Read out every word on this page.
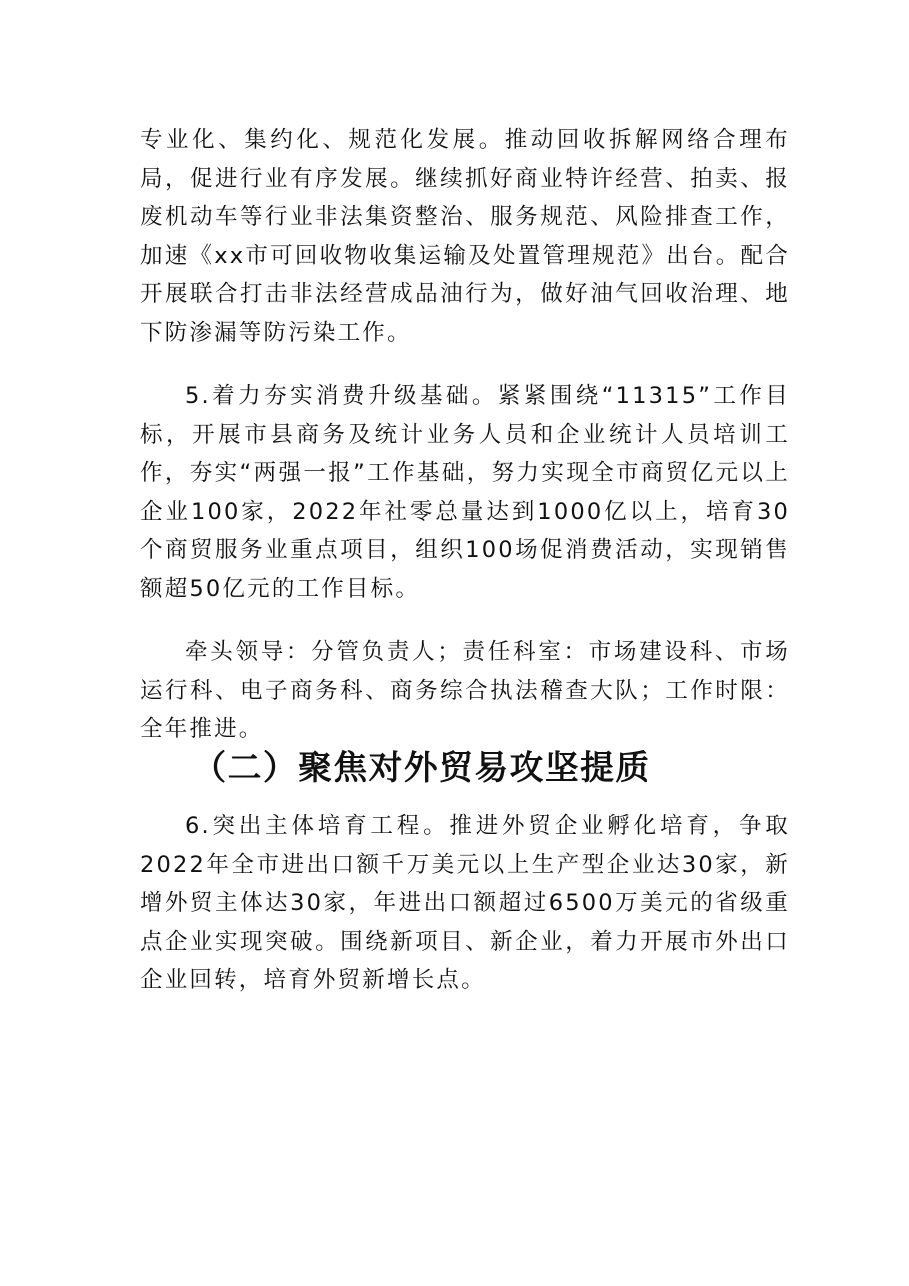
专业化、集约化、规范化发展。推动回收拆解网络合理布局，促进行业有序发展。继续抓好商业特许经营、拍卖、报废机动车等行业非法集资整治、服务规范、风险排查工作，加速《xx市可回收物收集运输及处置管理规范》出台。配合开展联合打击非法经营成品油行为，做好油气回收治理、地下防渗漏等防污染工作。

5.着力夯实消费升级基础。紧紧围绕“11315”工作目标，开展市县商务及统计业务人员和企业统计人员培训工作，夯实“两强一报”工作基础，努力实现全市商贸亿元以上企业100家，2022年社零总量达到1000亿以上，培育30个商贸服务业重点项目，组织100场促消费活动，实现销售额超50亿元的工作目标。

牵头领导：分管负责人；责任科室：市场建设科、市场运行科、电子商务科、商务综合执法稽查大队；工作时限：全年推进。

（二）聚焦对外贸易攻坚提质

6.突出主体培育工程。推进外贸企业孵化培育，争取2022年全市进出口额千万美元以上生产型企业达30家，新增外贸主体达30家，年进出口额超过6500万美元的省级重点企业实现突破。围绕新项目、新企业，着力开展市外出口企业回转，培育外贸新增长点。
